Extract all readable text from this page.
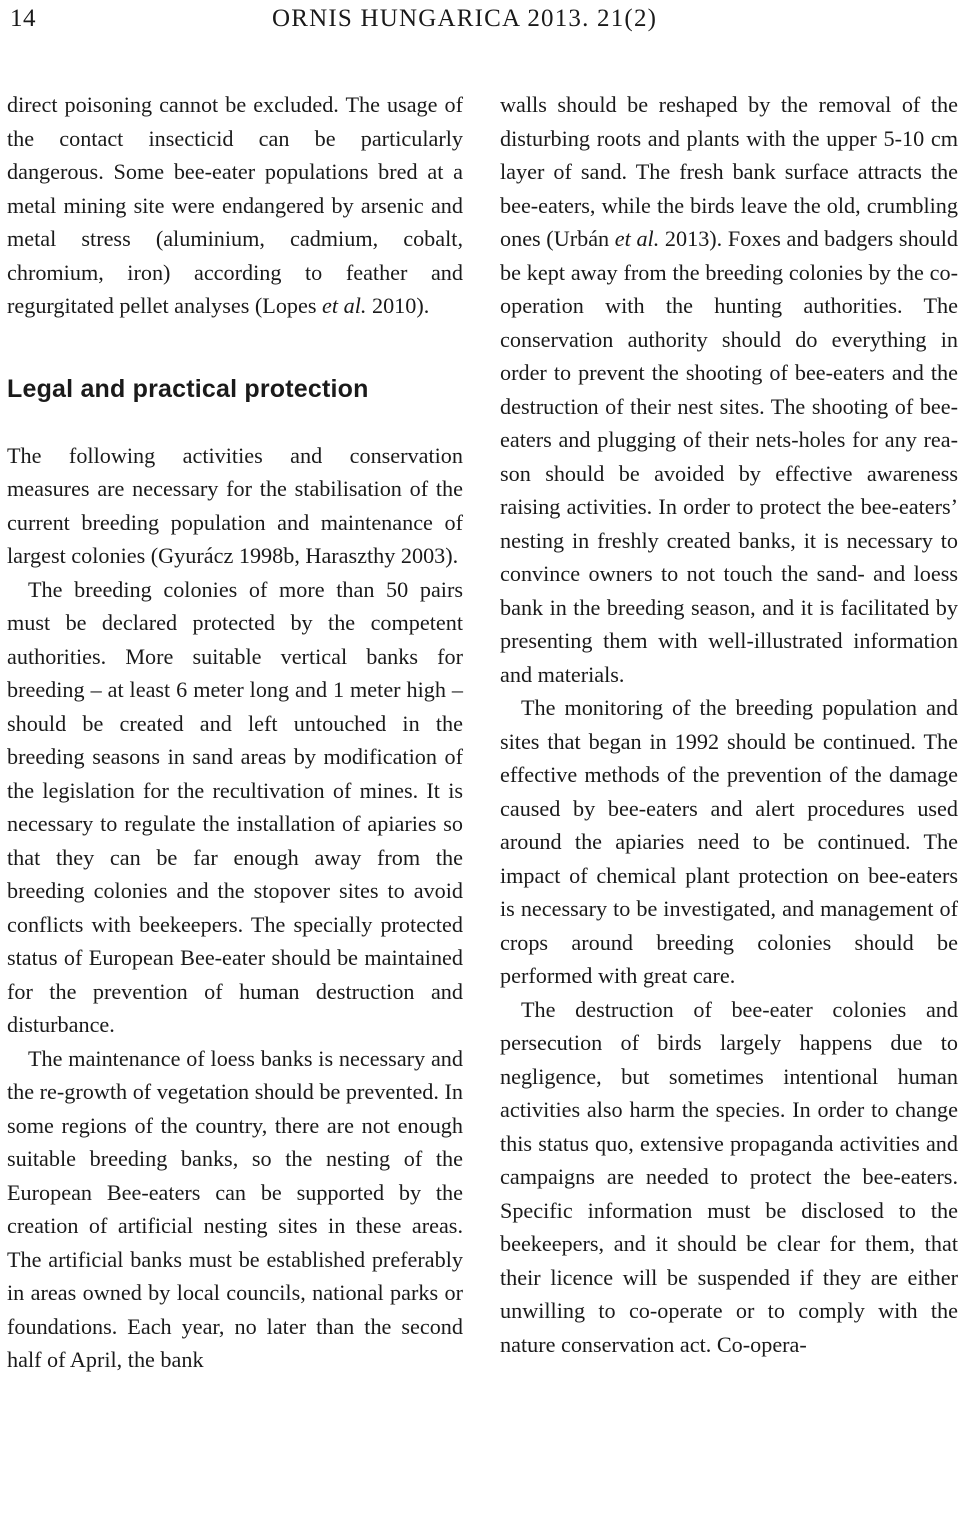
14	ORNIS HUNGARICA 2013. 21(2)

direct poisoning cannot be excluded. The usage of the contact insecticid can be particularly dangerous. Some bee-eater populations bred at a metal mining site were endangered by arsenic and metal stress (aluminium, cadmium, cobalt, chromium, iron) according to feather and regurgitated pellet analyses (Lopes et al. 2010).

Legal and practical protection

The following activities and conservation measures are necessary for the stabilisation of the current breeding population and maintenance of largest colonies (Gyurácz 1998b, Haraszthy 2003).

The breeding colonies of more than 50 pairs must be declared protected by the competent authorities. More suitable vertical banks for breeding – at least 6 meter long and 1 meter high – should be created and left untouched in the breeding seasons in sand areas by modification of the legislation for the recultivation of mines. It is necessary to regulate the installation of apiaries so that they can be far enough away from the breeding colonies and the stopover sites to avoid conflicts with beekeepers. The specially protected status of European Bee-eater should be maintained for the prevention of human destruction and disturbance.

The maintenance of loess banks is necessary and the re-growth of vegetation should be prevented. In some regions of the country, there are not enough suitable breeding banks, so the nesting of the European Bee-eaters can be supported by the creation of artificial nesting sites in these areas. The artificial banks must be established preferably in areas owned by local councils, national parks or foundations. Each year, no later than the second half of April, the bank

walls should be reshaped by the removal of the disturbing roots and plants with the upper 5-10 cm layer of sand. The fresh bank surface attracts the bee-eaters, while the birds leave the old, crumbling ones (Urbán et al. 2013). Foxes and badgers should be kept away from the breeding colonies by the co-operation with the hunting authorities. The conservation authority should do everything in order to prevent the shooting of bee-eaters and the destruction of their nest sites. The shooting of bee-eaters and plugging of their nets-holes for any reason should be avoided by effective awareness raising activities. In order to protect the bee-eaters’ nesting in freshly created banks, it is necessary to convince owners to not touch the sand- and loess bank in the breeding season, and it is facilitated by presenting them with well-illustrated information and materials.

The monitoring of the breeding population and sites that began in 1992 should be continued. The effective methods of the prevention of the damage caused by bee-eaters and alert procedures used around the apiaries need to be continued. The impact of chemical plant protection on bee-eaters is necessary to be investigated, and management of crops around breeding colonies should be performed with great care.

The destruction of bee-eater colonies and persecution of birds largely happens due to negligence, but sometimes intentional human activities also harm the species. In order to change this status quo, extensive propaganda activities and campaigns are needed to protect the bee-eaters. Specific information must be disclosed to the beekeepers, and it should be clear for them, that their licence will be suspended if they are either unwilling to co-operate or to comply with the nature conservation act. Co-opera-
